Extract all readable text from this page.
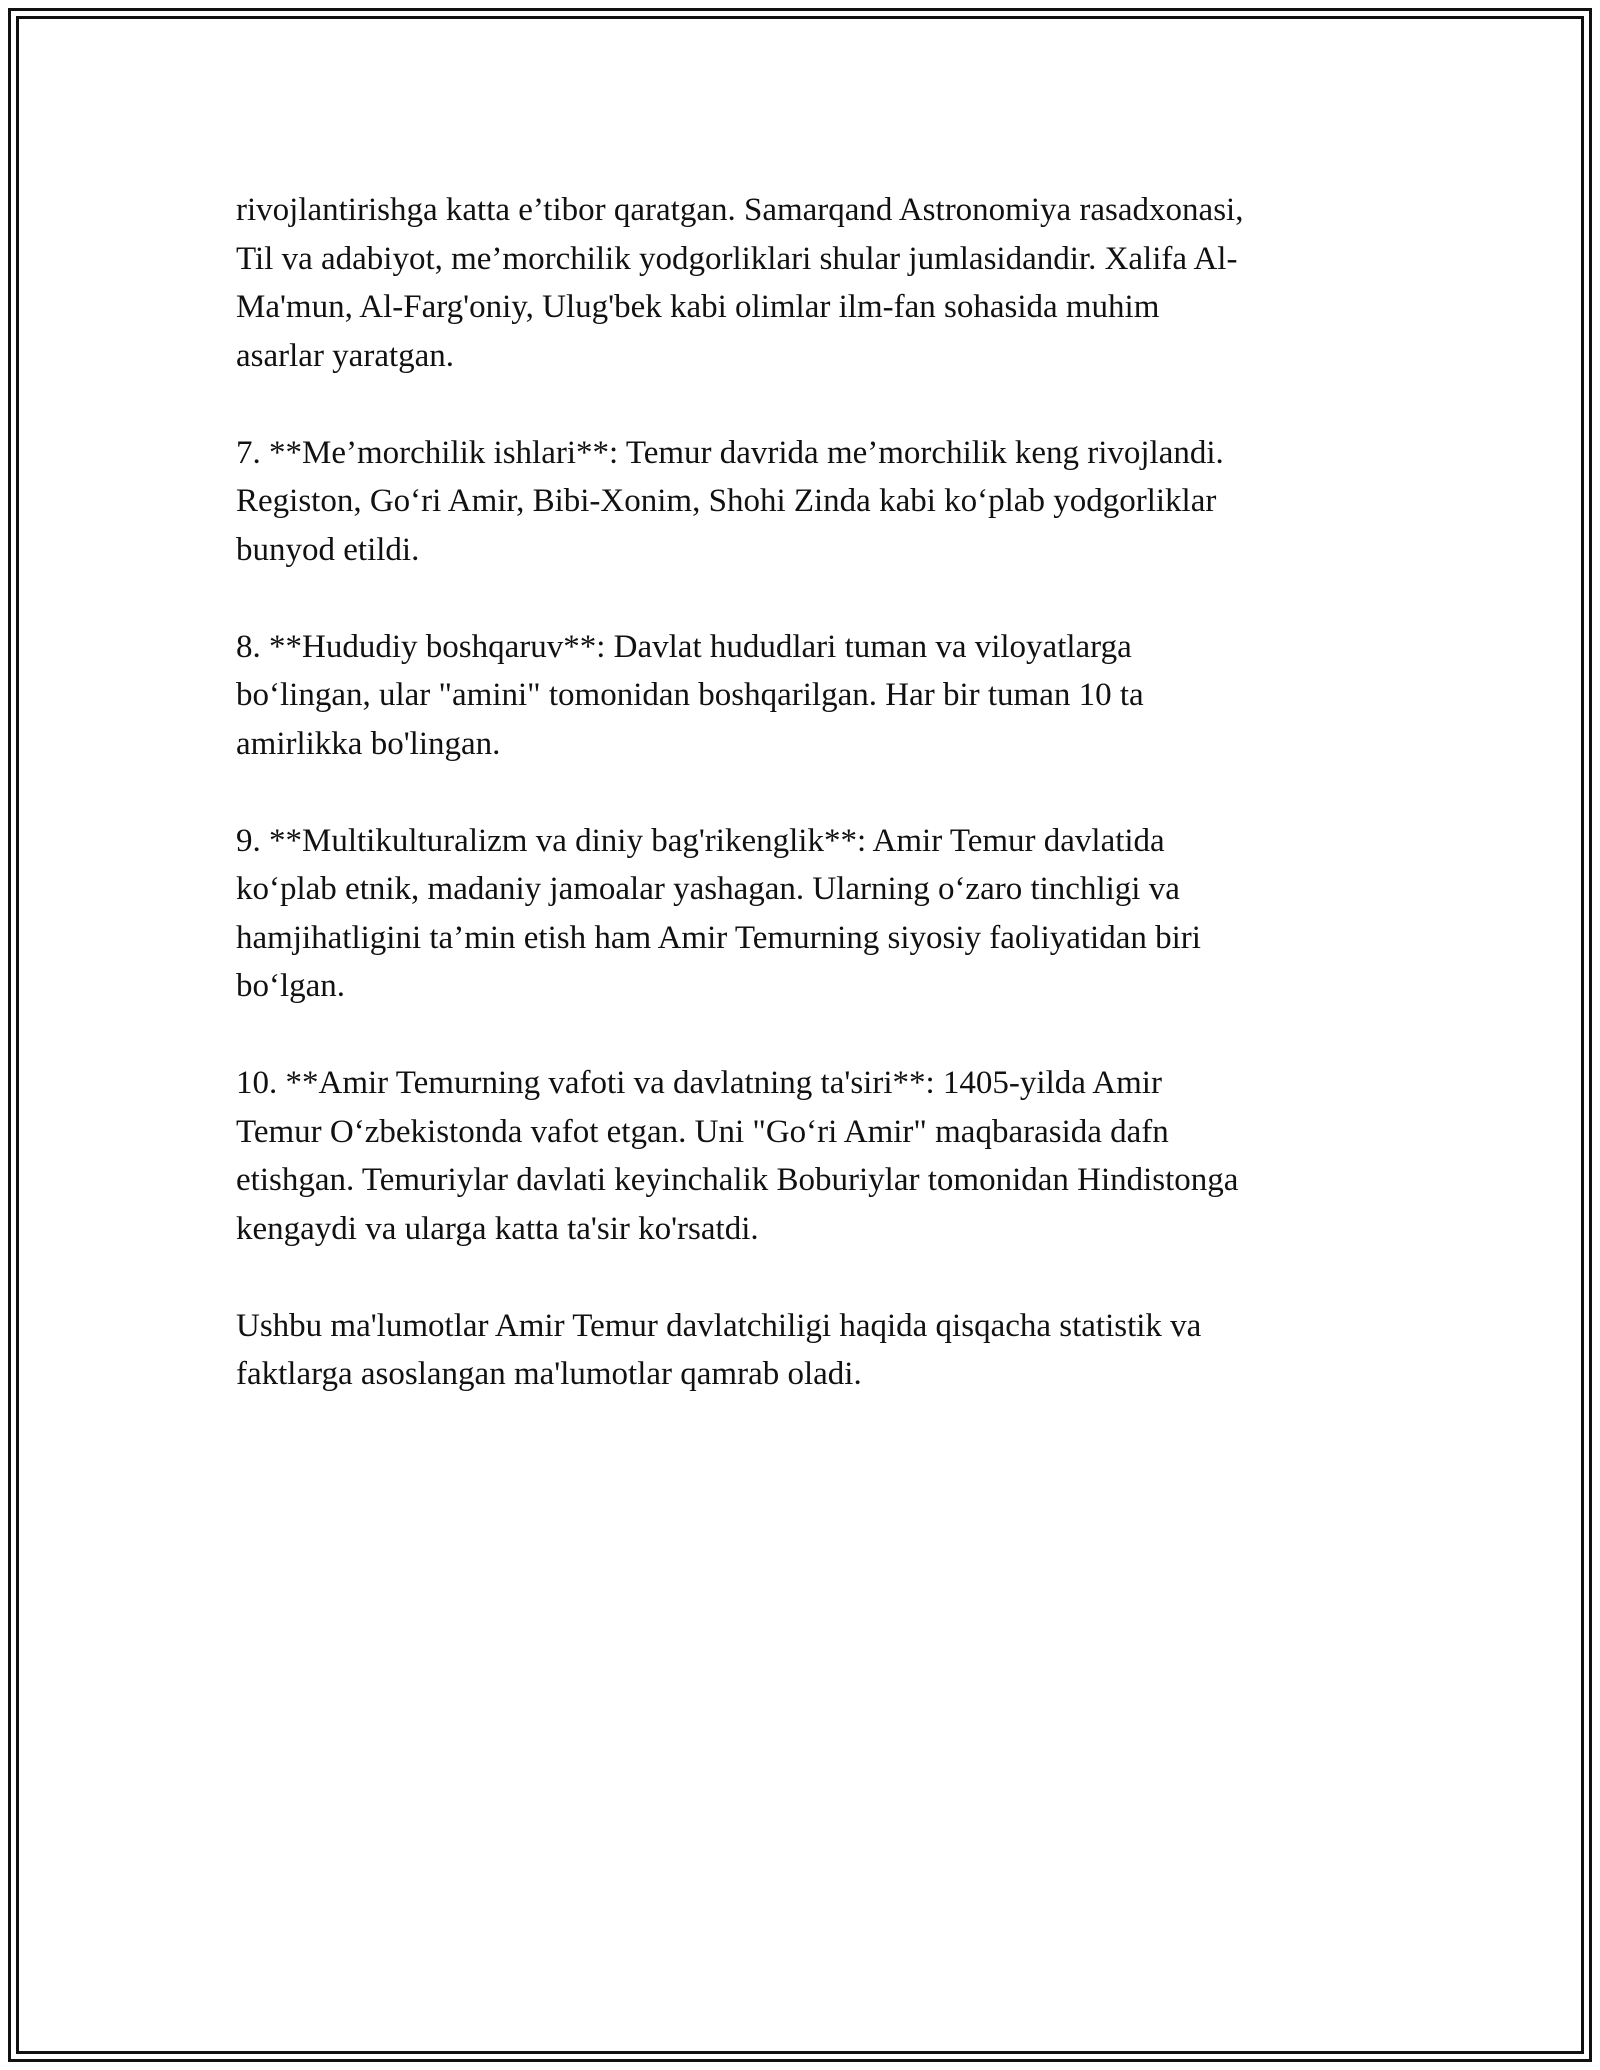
rivojlantirishga katta e’tibor qaratgan. Samarqand Astronomiya rasadxonasi,
Til va adabiyot, me’morchilik yodgorliklari shular jumlasidandir. Xalifa Al-
Ma'mun, Al-Farg'oniy, Ulug'bek kabi olimlar ilm-fan sohasida muhim
asarlar yaratgan.

7. **Me’morchilik ishlari**: Temur davrida me’morchilik keng rivojlandi.
Registon, Go‘ri Amir, Bibi-Xonim, Shohi Zinda kabi ko‘plab yodgorliklar
bunyod etildi.

8. **Hududiy boshqaruv**: Davlat hududlari tuman va viloyatlarga
bo‘lingan, ular "amini" tomonidan boshqarilgan. Har bir tuman 10 ta
amirlikka bo'lingan.

9. **Multikulturalizm va diniy bag'rikenglik**: Amir Temur davlatida
ko‘plab etnik, madaniy jamoalar yashagan. Ularning o‘zaro tinchligi va
hamjihatligini ta’min etish ham Amir Temurning siyosiy faoliyatidan biri
bo‘lgan.

10. **Amir Temurning vafoti va davlatning ta'siri**: 1405-yilda Amir
Temur O‘zbekistonda vafot etgan. Uni "Go‘ri Amir" maqbarasida dafn
etishgan. Temuriylar davlati keyinchalik Boburiylar tomonidan Hindistonga
kengaydi va ularga katta ta'sir ko'rsatdi.

Ushbu ma'lumotlar Amir Temur davlatchiligi haqida qisqacha statistik va
faktlarga asoslangan ma'lumotlar qamrab oladi.
